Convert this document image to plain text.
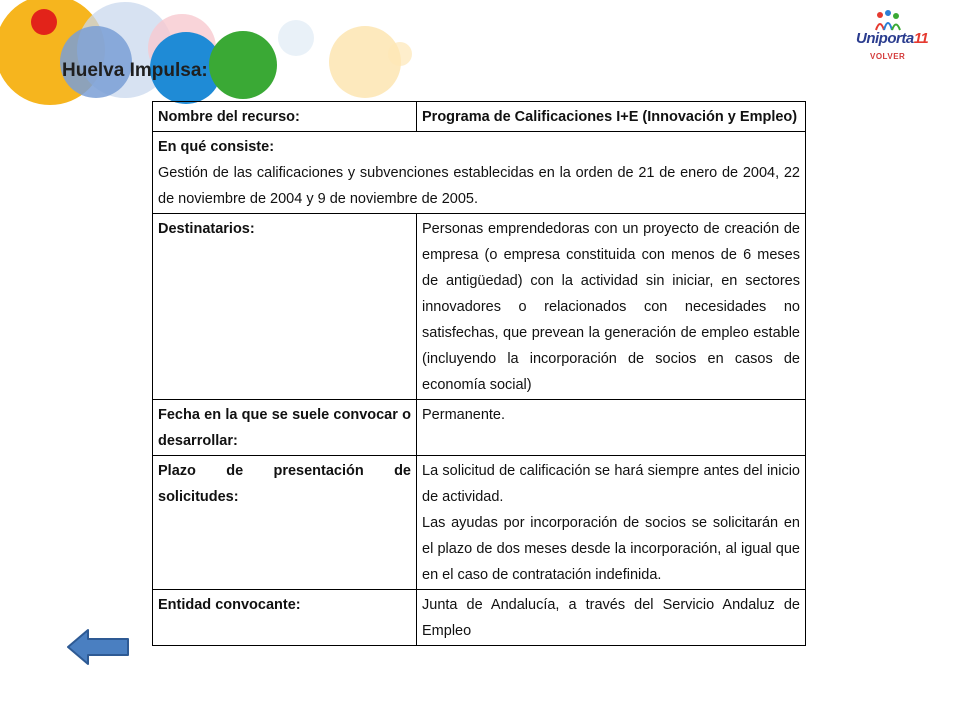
Huelva Impulsa:
Uniporta11
VOLVER
Nombre del recurso:	Programa de Calificaciones I+E (Innovación y Empleo)

En qué consiste:
Gestión de las calificaciones y subvenciones establecidas en la orden de 21 de enero de 2004, 22 de noviembre de 2004 y 9 de noviembre de 2005.	

Destinatarios:	Personas emprendedoras con un proyecto de creación de empresa (o empresa constituida con menos de 6 meses de antigüedad) con la actividad sin iniciar, en sectores innovadores o relacionados con necesidades no satisfechas, que prevean la generación de empleo estable (incluyendo la incorporación de socios en casos de economía social)
Fecha en la que se suele convocar o desarrollar:	Permanente.
Plazo de presentación de solicitudes:	La solicitud de calificación se hará siempre antes del inicio de actividad.
Las ayudas por incorporación de socios se solicitarán en el plazo de dos meses desde la incorporación, al igual que en el caso de contratación indefinida.

Entidad convocante:	Junta de Andalucía, a través del Servicio Andaluz de Empleo
